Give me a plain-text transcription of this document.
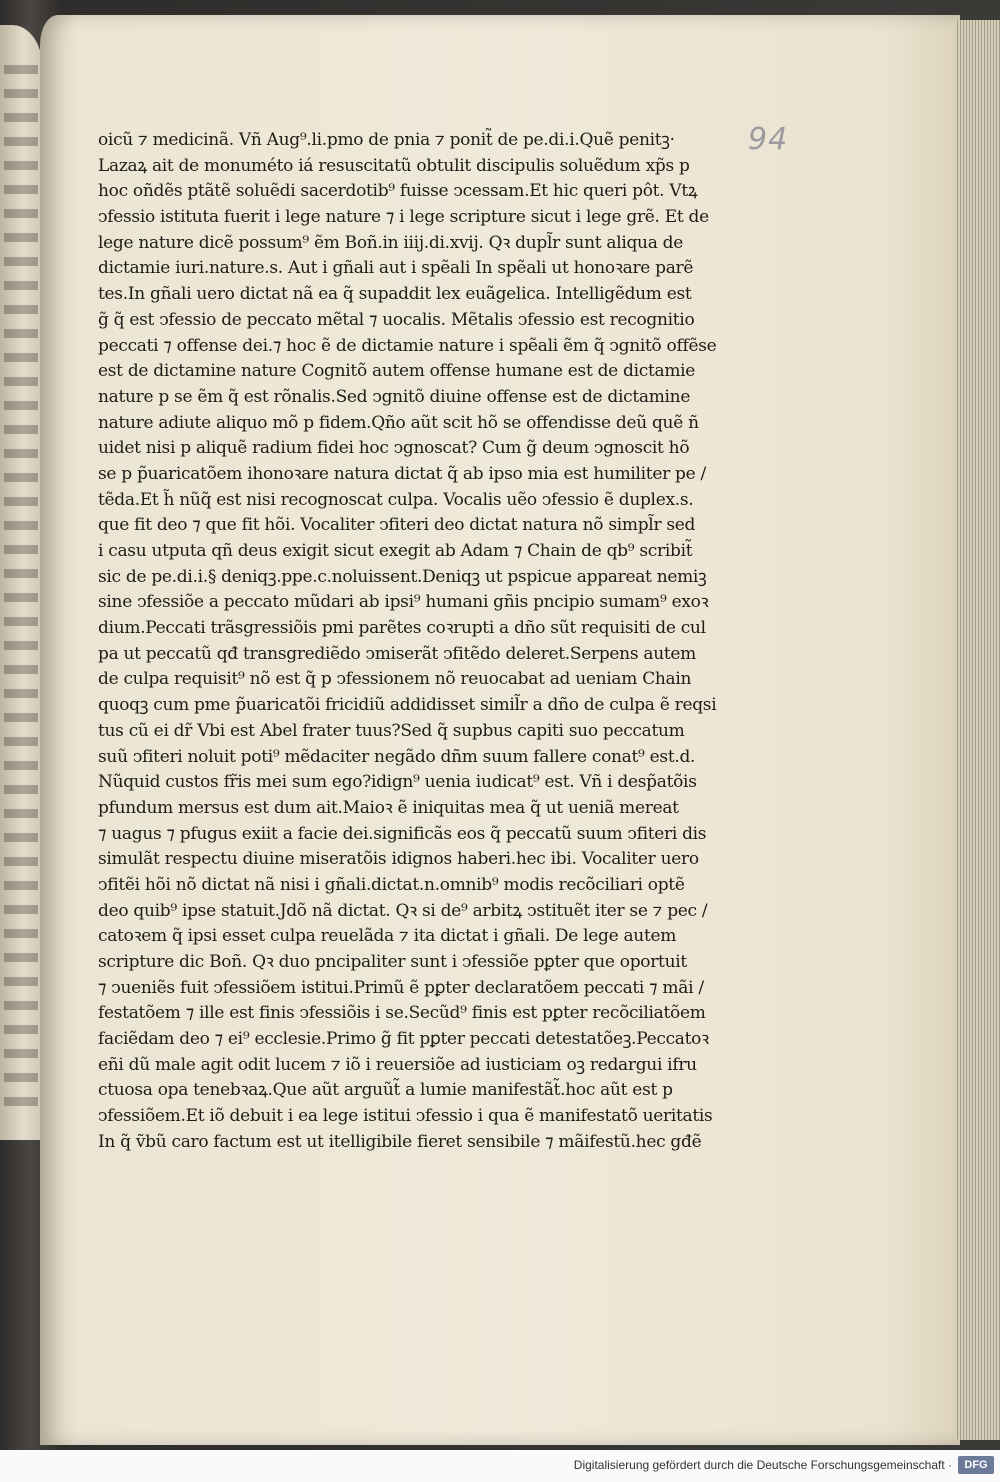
94
oicũ ⁊ medicinã. Vñ Aug⁹.li.pmo de pnia ⁊ ponit̃ de pe.di.i.Quẽ penitꝫ·
Lazaꝝ ait de monuméto iá resuscitatũ obtulit discipulis soluẽdum xp̃s p
hoc oñdẽs ptãtẽ soluẽdi sacerdotib⁹ fuisse ↄcessam.Et hic queri pôt. Vtꝝ
ↄfessio istituta fuerit i lege nature ⁊ i lege scripture sicut i lege grẽ. Et de
lege nature dicẽ possum⁹ ẽm Boñ.in iiij.di.xvij. Qꝛ dupl̃r sunt aliqua de
dictamie iuri.nature.s. Aut i gñali aut i spẽali In spẽali ut honoꝛare parẽ
tes.In gñali uero dictat nã ea q̃ supaddit lex euãgelica. Intelligẽdum est
g̃ q̃ est ↄfessio de peccato mẽtal ⁊ uocalis. Mẽtalis ↄfessio est recognitio
peccati ⁊ offense dei.⁊ hoc ẽ de dictamie nature i spẽali ẽm q̃ ↄgnitõ offẽse
est de dictamine nature Cognitõ autem offense humane est de dictamie
nature p se ẽm q̃ est rõnalis.Sed ↄgnitõ diuine offense est de dictamine
nature adiute aliquo mõ p fidem.Qño aũt scit hõ se offendisse deũ quẽ ñ
uidet nisi p aliquẽ radium fidei hoc ↄgnoscat? Cum g̃ deum ↄgnoscit hõ
se p p̃uaricatõem ihonoꝛare natura dictat q̃ ab ipso mia est humiliter pe /
tẽda.Et h̃ nũq̃ est nisi recognoscat culpa. Vocalis uẽo ↄfessio ẽ duplex.s.
que fit deo ⁊ que fit hõi. Vocaliter ↄfiteri deo dictat natura nõ simpl̃r sed
i casu utputa qñ deus exigit sicut exegit ab Adam ⁊ Chain de qb⁹ scribit̃
sic de pe.di.i.§ deniqꝫ.ppe.c.noluissent.Deniqꝫ ut pspicue appareat nemiꝫ
sine ↄfessiõe a peccato mũdari ab ipsi⁹ humani gñis pncipio sumam⁹ exoꝛ
dium.Peccati trãsgressiõis pmi parẽtes coꝛrupti a dño sũt requisiti de cul
pa ut peccatũ qđ transgrediẽdo ↄmiserãt ↄfitẽdo deleret.Serpens autem
de culpa requisit⁹ nõ est q̃ p ↄfessionem nõ reuocabat ad ueniam Chain
quoqꝫ cum pme p̃uaricatõi fricidiũ addidisset simil̃r a dño de culpa ẽ reqsi
tus cũ ei dr̃ Vbi est Abel frater tuus?Sed q̃ supbus capiti suo peccatum
suũ ↄfiteri noluit poti⁹ mẽdaciter negãdo dñm suum fallere conat⁹ est.d.
Nũquid custos fr̃is mei sum ego?idign⁹ uenia iudicat⁹ est. Vñ i desp̃atõis
pfundum mersus est dum ait.Maioꝛ ẽ iniquitas mea q̃ ut ueniã mereat
⁊ uagus ⁊ pfugus exiit a facie dei.significãs eos q̃ peccatũ suum ↄfiteri dis
simulãt respectu diuine miseratõis idignos haberi.hec ibi. Vocaliter uero
ↄfitẽi hõi nõ dictat nã nisi i gñali.dictat.n.omnib⁹ modis recõciliari optẽ
deo quib⁹ ipse statuit.Jdõ nã dictat. Qꝛ si de⁹ arbitꝝ ↄstituẽt iter se ⁊ pec /
catoꝛem q̃ ipsi esset culpa reuelãda ⁊ ita dictat i gñali. De lege autem
scripture dic Boñ. Qꝛ duo pncipaliter sunt i ↄfessiõe pꝑter que oportuit
⁊ ↄueniẽs fuit ↄfessiõem istitui.Primũ ẽ pꝑter declaratõem peccati ⁊ mãi /
festatõem ⁊ ille est finis ↄfessiõis i se.Secũd⁹ finis est pꝑter recõciliatõem
faciẽdam deo ⁊ ei⁹ ecclesie.Primo g̃ fit pꝑter peccati detestatõeꝫ.Peccatoꝛ
eñi dũ male agit odit lucem ⁊ iõ i reuersiõe ad iusticiam oꝫ redargui ifru
ctuosa opa tenebꝛaꝝ.Que aũt arguũt̃ a lumie manifestãt̃.hoc aũt est p
ↄfessiõem.Et iõ debuit i ea lege istitui ↄfessio i qua ẽ manifestatõ ueritatis
In q̃ ṽbũ caro factum est ut itelligibile fieret sensibile ⁊ mãifestũ.hec gđẽ
Digitalisierung gefördert durch die Deutsche Forschungsgemeinschaft ·	DFG
